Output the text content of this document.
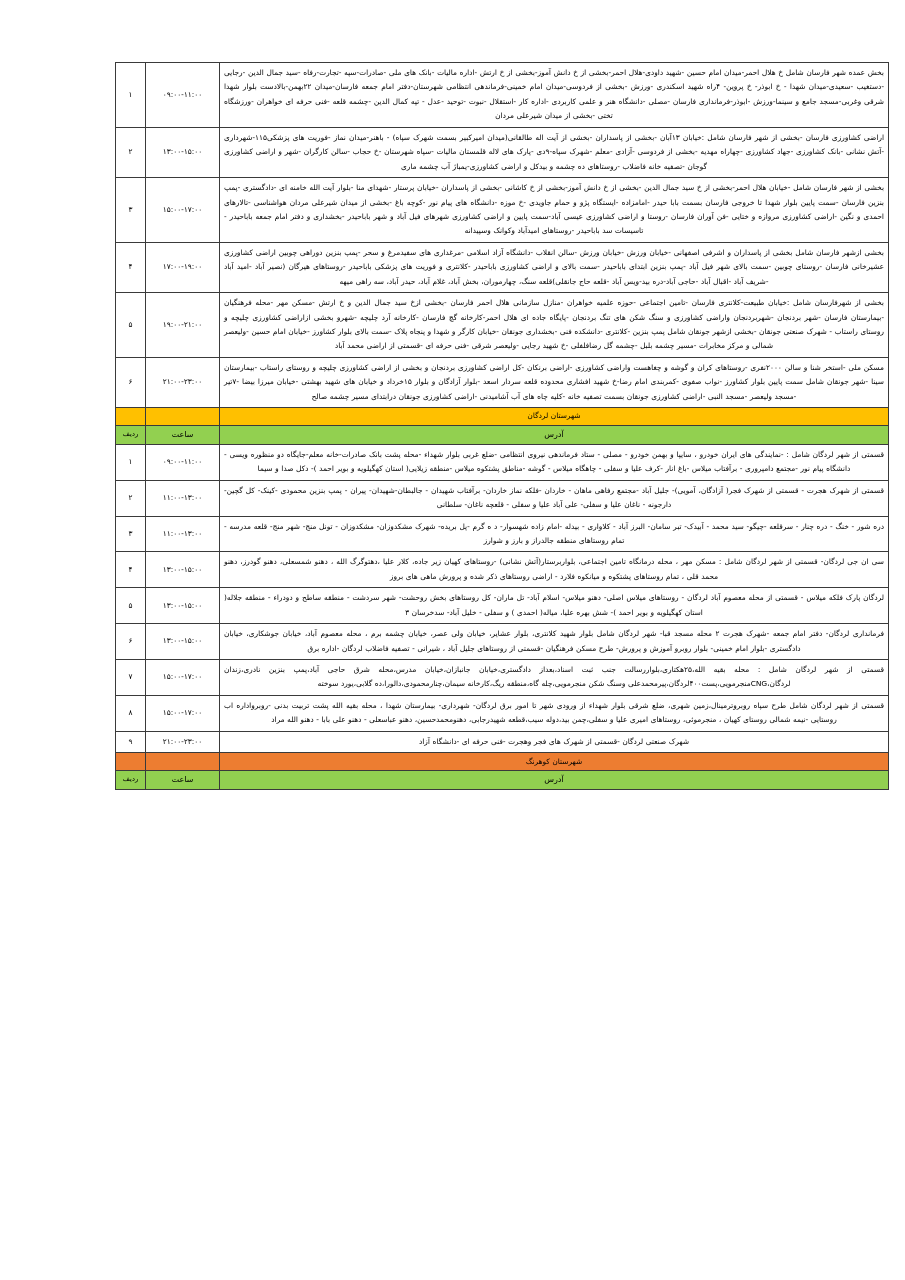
بخش عمده شهر فارسان شامل خ هلال احمر-میدان امام حسین -شهید داودی-هلال احمر-بخشی از خ دانش آموز-بخشی از خ ارتش -اداره مالیات -بانک های ملی -صادرات-سپه -تجارت-رفاه -سید جمال الدین -رجایی -دستغیب -سعیدی-میدان شهدا - خ ابوذر- خ پروین- ۴راه شهید اسکندری -ورزش -بخشی از فردوسی-میدان امام خمینی-فرماندهی انتظامی شهرستان-دفتر امام جمعه فارسان-میدان ۲۲بهمن-بالادست بلوار شهدا شرقی وغربی-مسجد جامع و سینما-ورزش -ابوذر-فرمانداری فارسان -مصلی -دانشگاه هنر و علمی کاربردی -اداره کار -استقلال -نبوت -توحید -عدل - تپه کمال الدین -چشمه قلعه -فنی حرفه ای خواهران -ورزشگاه تختی -بخشی از میدان شیرعلی مردان	۰۹:۰۰-۱۱:۰۰	۱
اراضی کشاورزی فارسان -بخشی از شهر فارسان شامل :خیابان ۱۳آبان -بخشی از پاسداران -بخشی از آیت اله طالقانی(میدان امیرکبیر بسمت شهرک سپاه) - باهنر-میدان نماز -فوریت های پزشکی۱۱۵-شهرداری -آتش نشانی -بانک کشاورزی -جهاد کشاورزی -چهاراه مهدیه -بخشی از فردوسی -آزادی -معلم -شهرک سپاه-۹دی -پارک های لاله قلمستان مالیات -سپاه شهرستان -خ حجاب -سالن کارگران -شهر و اراضی کشاورزی گوجان -تصفیه خانه فاضلاب -روستاهای ده چشمه و بیدکل و اراضی کشاورزی-یمباژ آب چشمه ماری	۱۳:۰۰-۱۵:۰۰	۲
بخشی از شهر فارسان شامل -خیابان هلال احمر-بخشی از خ سید جمال الدین -بخشی از خ دانش آموز-بخشی از خ کاشانی -بخشی از پاسداران -خیابان پرستار -شهدای منا -بلوار آیت الله خامنه ای -دادگستری -پمپ بنزین فارسان -سمت پایین بلوار شهدا تا خروجی فارسان بسمت بابا حیدر -امامزاده -ایستگاه پژو و حمام جاویدی -خ موزه -دانشگاه های پیام نور -کوچه باغ -بخشی از میدان شیرعلی مردان هواشناسی -تالارهای احمدی و نگین -اراضی کشاورزی مروازه و ختایی -فن آوران فارسان -روستا و اراضی کشاورزی عیسی آباد-سمت پایین و اراضی کشاورزی شهرهای فیل آباد و شهر باباحیدر -بخشداری و دفتر امام جمعه باباحیدر - تاسیسات سد باباحیدر -روستاهای امیدآباد وکوانک وسپیدانه	۱۵:۰۰-۱۷:۰۰	۳
بخشی ازشهر فارسان شامل بخشی از پاسداران و اشرفی اصفهانی -خیابان ورزش -خیابان ورزش -سالن انقلاب -دانشگاه آزاد اسلامی -مرغداری های سفیدمرغ و سحر -پمپ بنزین دوراهی چوبین اراضی کشاورزی عشیرخانی فارسان -روستای چوبین -سمت بالای شهر فیل آباد -پمپ بنزین ابتدای باباحیدر -سمت بالای و اراضی کشاورزی باباحیدر -کلانتری و فوریت های پزشکی باباحیدر -روستاهای هیرگان (نصیر آباد -امید آباد -شریف آباد -اقبال آباد -حاجی آباد-دره بید-ویس آباد -قلعه حاج جانقلی)قلعه سنگ، چهارموران، بخش آباد، غلام آباد، حیدر آباد، سه راهی میهه	۱۷:۰۰-۱۹:۰۰	۴
بخشی از شهرفارسان شامل :خیابان طبیعت-کلانتری فارسان -تامین اجتماعی -حوزه علمیه خواهران -منازل سازمانی هلال احمر فارسان -بخشی ازخ سید جمال الدین و خ ارتش -مسکن مهر -محله فرهنگیان -بیمارستان فارسان -شهر بردنجان -شهربردنجان واراضی کشاورزی و سنگ شکن های تنگ بردنجان -پایگاه جاده ای هلال احمر-کارخانه گچ فارسان -کارخانه آرد چلیچه -شهرو بخشی ازاراضی کشاورزی چلیچه و روستای راستاب - شهرک صنعتی جونقان -بخشی ازشهر جونقان شامل پمپ بنزین -کلانتری -دانشکده فنی -بخشداری جونقان -خیابان کارگر و شهدا و پنجاه پلاک -سمت بالای بلوار کشاورز -خیابان امام حسین -ولیعصر شمالی و مرکز مخابرات -مسیر چشمه بلبل -چشمه گل رضافلفلی -خ شهید رجایی -ولیعصر شرقی -فنی حرفه ای -قسمتی از اراضی محمد آباد	۱۹:۰۰-۲۱:۰۰	۵
مسکن ملی -استخر شنا و سالن ۲۰۰۰نفری -روستاهای کران و گوشه و چغاهست واراضی کشاورزی -اراضی برنکان -کل اراضی کشاورزی بردنجان و بخشی از اراضی کشاورزی چلیچه و روستای راستاب -بیمارستان سینا -شهر جونقان شامل سمت پایین بلوار کشاورز -نواب صفوی -کمربندی امام رضا-خ شهید افشاری محدوده قلعه سردار اسعد -بلوار آزادگان و بلوار ۱۵خرداد و خیابان های شهید بهشتی -خیابان میرزا بیضا -۷تیر -مسجد ولیعصر -مسجد النبی -اراضی کشاورزی جونقان بسمت تصفیه خانه -کلیه چاه های آب آشامیدنی -اراضی کشاورزی جونقان درابتدای مسیر چشمه صالح	۲۱:۰۰-۲۳:۰۰	۶
شهرستان لردگان		
آدرس	ساعت	ردیف
قسمتی از شهر لردگان شامل : -نمایندگی های ایران خودرو ، سایپا و بهمن خودرو - مصلی - ستاد فرماندهی نیروی انتظامی -ضلع غربی بلوار شهداء -محله پشت بانک صادرات-خانه معلم-جایگاه دو منظوره ویسی - دانشگاه پیام نور -مجتمع دامپروری - برآفتاب میلاس -باغ انار -کرف علیا و سفلی - چاهگاه میلاس - گوشه -مناطق پشتکوه میلاس -منطقه زیلایی( استان کهگیلویه و بویر احمد )- دکل صدا و سیما	۰۹:۰۰-۱۱:۰۰	۱
قسمتی از شهرک هجرت - قسمتی از شهرک فجر( آزادگان، آمویی)- جلیل آباد -مجتمع رفاهی ماهان - خاردان -فلکه نماز خاردان- برآفتاب شهیدان - جالبطان-شهیدان- پیران - پمپ بنزین محمودی -کینک- کل گچین- دارجونه - ناغان علیا و سفلی- علی آباد علیا و سفلی - قلعچه ناغان- سلطانی	۱۱:۰۰-۱۳:۰۰	۲
دره شور - خنگ - دره چنار - سرقلعه -چیگو- سید محمد - آبیدک- تبر سامان- البرز آباد - کلاواری - بیدله -امام زاده شهسوار- د ه گرم -پل بریده- شهرک مشکدوزان- مشکدوزان - تونل منج- شهر منج- قلعه مدرسه - تمام روستاهای منطقه جالدراز و بارز و شوارز	۱۱:۰۰-۱۳:۰۰	۳
سی ان جی لردگان- قسمتی از شهر لردگان شامل : مسکن مهر ، محله درمانگاه تامین اجتماعی، بلواربرستار(آتش نشانی) -روستاهای کهیان زیر جاده، کلار علیا ،دهتوگرگ الله ، دهنو شمسعلی، دهنو گودرز، دهنو محمد قلی ، تمام روستاهای پشتکوه و میانکوه فلارد - اراضی روستاهای ذکر شده و پرورش ماهی های بروز	۱۳:۰۰-۱۵:۰۰	۴
لردگان پارک فلکه میلاس - قسمتی از محله معصوم آباد لردگان - روستاهای میلاس اصلی- دهنو میلاس- اسلام آباد- تل ماران- کل روستاهای بخش روحشت- شهر سردشت - منطقه ساطح و دودراء - منطقه جلاله( استان کهگیلویه و بویر احمد )- شش بهره علیا، میاله( احمدی ) و سفلی - خلیل آباد- سدخرسان ۳	۱۳:۰۰-۱۵:۰۰	۵
فرمانداری لردگان- دفتر امام جمعه -شهرک هجرت ۲ محله مسجد قبا- شهر لردگان شامل بلوار شهید کلانتری، بلوار عشایر، خیابان ولی عصر، خیابان چشمه برم ، محله معصوم آباد، خیابان جوشکاری، خیابان دادگستری -بلوار امام خمینی- بلوار روبرو آموزش و پرورش- طرح مسکن فرهنگیان -قسمتی از روستاهای جلیل آباد ، شیرانی - تصفیه فاضلاب لردگان -اداره برق	۱۳:۰۰-۱۵:۰۰	۶
قسمتی از شهر لردگان شامل : محله بقیه الله،۲۵هکتاری،بلواررسالت جنب ثبت اسناد،بعداز دادگستری،خیابان جانبازان،خیابان مدرس،محله شرق حاجی آباد،پمپ بنزین نادری،زندان لردگان،CNGمنجرمویی،پست۴۰۰لردگان،پیرمحمدعلی وسنگ شکن منجرمویی،چله گاه،منطقه ریگ،کارخانه سیمان،چنارمحمودی،دالورا،ده گلابی،یورد سوخته	۱۵:۰۰-۱۷:۰۰	۷
قسمتی از شهر لردگان شامل طرح سپاه روبروترمینال،زمین شهری، ضلع شرقی بلوار شهداء از ورودی شهر تا امور برق لردگان- شهرداری- بیمارستان شهدا ، محله بقیه الله پشت تربیت بدنی -روبرواداره اب روستایی -نیمه شمالی روستای کهیان ، منجرموئی، روستاهای امیری علیا و سفلی،چمن بید،دوله سیب،قطعه شهیدرجابی، دهنومحمدحسین، دهنو عباسعلی - دهنو علی بابا - دهنو الله مراد	۱۵:۰۰-۱۷:۰۰	۸
شهرک صنعتی لردگان -قسمتی از شهرک های فجر وهجرت -فنی حرفه ای -دانشگاه آزاد	۲۱:۰۰-۲۳:۰۰	۹
شهرستان کوهرنگ		
آدرس	ساعت	ردیف
